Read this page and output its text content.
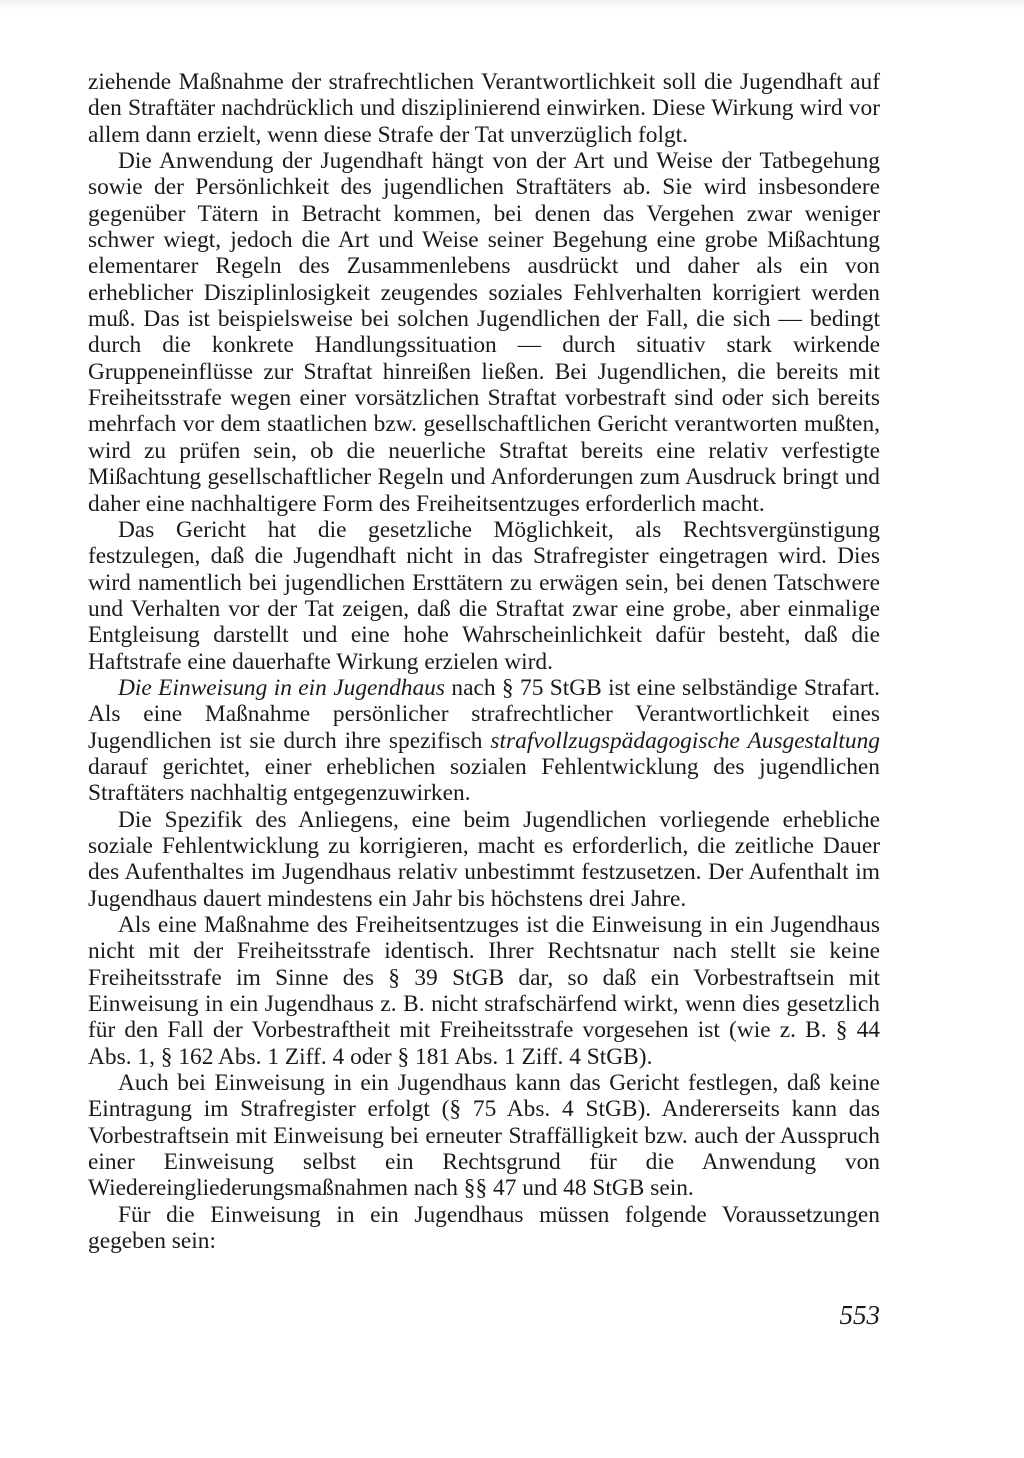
ziehende Maßnahme der strafrechtlichen Verantwortlichkeit soll die Jugendhaft auf den Straftäter nachdrücklich und disziplinierend einwirken. Diese Wirkung wird vor allem dann erzielt, wenn diese Strafe der Tat unverzüglich folgt.

Die Anwendung der Jugendhaft hängt von der Art und Weise der Tatbegehung sowie der Persönlichkeit des jugendlichen Straftäters ab. Sie wird insbesondere gegenüber Tätern in Betracht kommen, bei denen das Vergehen zwar weniger schwer wiegt, jedoch die Art und Weise seiner Begehung eine grobe Mißachtung elementarer Regeln des Zusammenlebens ausdrückt und daher als ein von erheblicher Disziplinlosigkeit zeugendes soziales Fehlverhalten korrigiert werden muß. Das ist beispielsweise bei solchen Jugendlichen der Fall, die sich — bedingt durch die konkrete Handlungssituation — durch situativ stark wirkende Gruppeneinflüsse zur Straftat hinreißen ließen. Bei Jugendlichen, die bereits mit Freiheitsstrafe wegen einer vorsätzlichen Straftat vorbestraft sind oder sich bereits mehrfach vor dem staatlichen bzw. gesellschaftlichen Gericht verantworten mußten, wird zu prüfen sein, ob die neuerliche Straftat bereits eine relativ verfestigte Mißachtung gesellschaftlicher Regeln und Anforderungen zum Ausdruck bringt und daher eine nachhaltigere Form des Freiheitsentzuges erforderlich macht.

Das Gericht hat die gesetzliche Möglichkeit, als Rechtsvergünstigung festzulegen, daß die Jugendhaft nicht in das Strafregister eingetragen wird. Dies wird namentlich bei jugendlichen Ersttätern zu erwägen sein, bei denen Tatschwere und Verhalten vor der Tat zeigen, daß die Straftat zwar eine grobe, aber einmalige Entgleisung darstellt und eine hohe Wahrscheinlichkeit dafür besteht, daß die Haftstrafe eine dauerhafte Wirkung erzielen wird.

Die Einweisung in ein Jugendhaus nach § 75 StGB ist eine selbständige Strafart. Als eine Maßnahme persönlicher strafrechtlicher Verantwortlichkeit eines Jugendlichen ist sie durch ihre spezifisch strafvollzugspädagogische Ausgestaltung darauf gerichtet, einer erheblichen sozialen Fehlentwicklung des jugendlichen Straftäters nachhaltig entgegenzuwirken.

Die Spezifik des Anliegens, eine beim Jugendlichen vorliegende erhebliche soziale Fehlentwicklung zu korrigieren, macht es erforderlich, die zeitliche Dauer des Aufenthaltes im Jugendhaus relativ unbestimmt festzusetzen. Der Aufenthalt im Jugendhaus dauert mindestens ein Jahr bis höchstens drei Jahre.

Als eine Maßnahme des Freiheitsentzuges ist die Einweisung in ein Jugendhaus nicht mit der Freiheitsstrafe identisch. Ihrer Rechtsnatur nach stellt sie keine Freiheitsstrafe im Sinne des § 39 StGB dar, so daß ein Vorbestraftsein mit Einweisung in ein Jugendhaus z. B. nicht strafschärfend wirkt, wenn dies gesetzlich für den Fall der Vorbestraftheit mit Freiheitsstrafe vorgesehen ist (wie z. B. § 44 Abs. 1, § 162 Abs. 1 Ziff. 4 oder § 181 Abs. 1 Ziff. 4 StGB).

Auch bei Einweisung in ein Jugendhaus kann das Gericht festlegen, daß keine Eintragung im Strafregister erfolgt (§ 75 Abs. 4 StGB). Andererseits kann das Vorbestraftsein mit Einweisung bei erneuter Straffälligkeit bzw. auch der Ausspruch einer Einweisung selbst ein Rechtsgrund für die Anwendung von Wiedereingliederungsmaßnahmen nach §§ 47 und 48 StGB sein.

Für die Einweisung in ein Jugendhaus müssen folgende Voraussetzungen gegeben sein:

553
